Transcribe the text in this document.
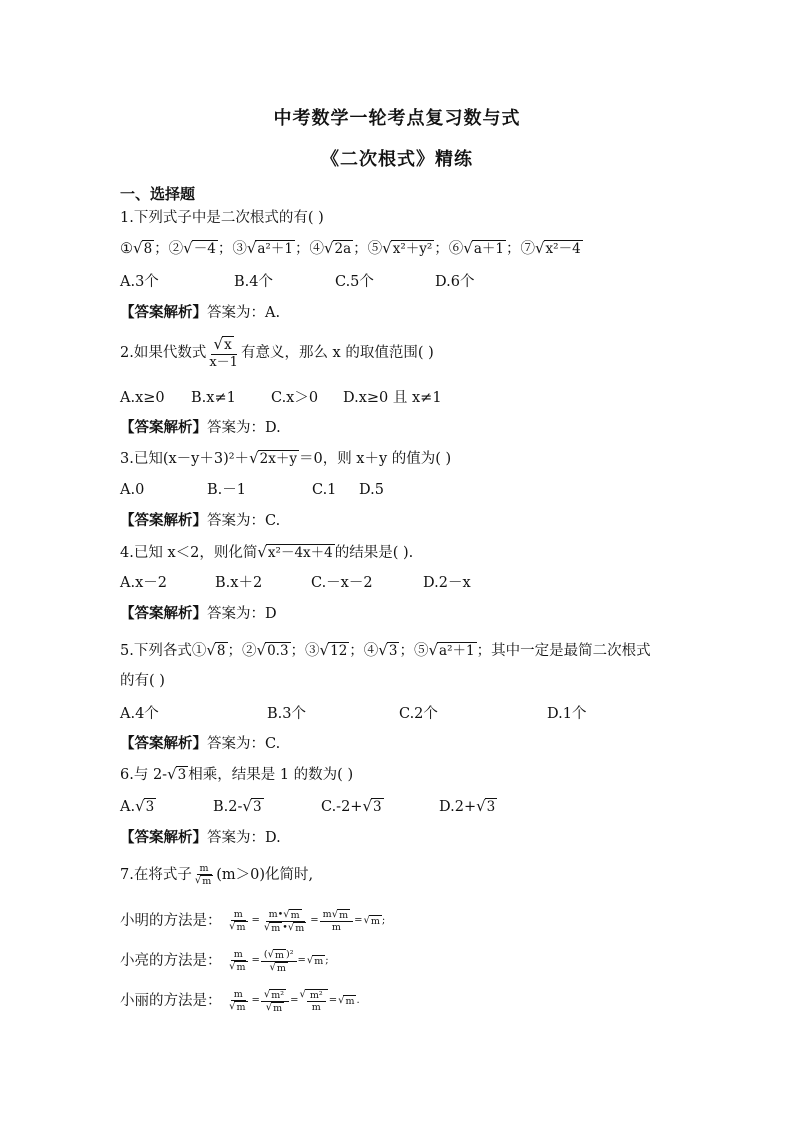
中考数学一轮考点复习数与式
《二次根式》精练
一、选择题
1.下列式子中是二次根式的有( )
① √ 8 ；② √ －4 ；③ √ a²＋1 ；④ √ 2a ；⑤ √ x²＋y² ；⑥ √ a＋1 ；⑦ √ x²－4
A.3个	B.4个	C.5个	D.6个
【答案解析】答案为：A.
2.如果代数式 $\frac{√ x}{x-1}$ 有意义，那么 x 的取值范围( )
A.x≥0 B.x≠1 C.x＞0 D.x≥0 且 x≠1
【答案解析】答案为：D.
3.已知(x－y＋3)²＋ √ 2x＋y ＝0，则 x＋y 的值为( )
A.0	B.－1	C.1 D.5
【答案解析】答案为：C.
4.已知 x＜2，则化简 √ x²－4x＋4 的结果是( ).
A.x－2	B.x＋2	C.－x－2	D.2－x
【答案解析】答案为：D
5.下列各式① √ 8 ；② √ 0.3 ；③ √ 12 ；④ √ 3 ；⑤ √ a²＋1 ；其中一定是最简二次根式
的有( )
A.4个	B.3个	C.2个	D.1个
【答案解析】答案为：C.
6.与 2- √ 3 相乘，结果是 1 的数为( )
A. √ 3	B.2- √ 3	C.-2+ √ 3	D.2+ √ 3
【答案解析】答案为：D.
7.在将式子 $\frac{m}{√ m} (m>0)$化简时,
小明的方法是： $\frac{m}{√ m} = \frac{m• √ m}{√ m • √ m} = \frac{m √ m}{m}$ = √ m ;
小亮的方法是： $\frac{m}{√ m} = \frac{\text{( √ m )²}}{√ m}$ = √ m ;
小丽的方法是： $\frac{m}{√ m} = \frac{\text{√ m²}}{√ m}$ =
√ $\frac{\text{m²}}{m}$ = √ m .
